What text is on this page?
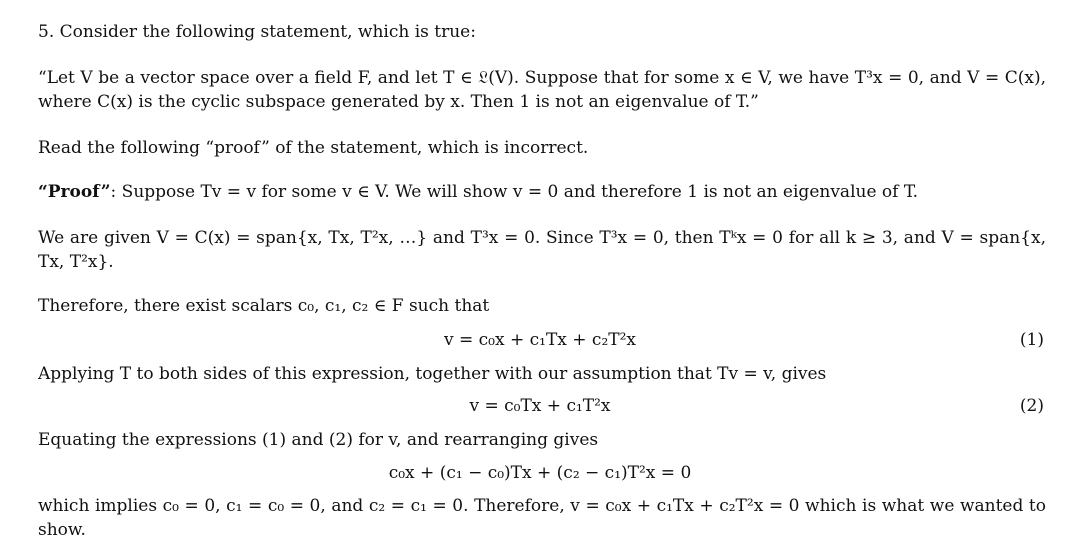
5. Consider the following statement, which is true:
“Let V be a vector space over a field F, and let T ∈ 𝔏(V). Suppose that for some x ∈ V, we have T³x = 0, and V = C(x), where C(x) is the cyclic subspace generated by x. Then 1 is not an eigenvalue of T.”
Read the following “proof” of the statement, which is incorrect.
“Proof”: Suppose Tv = v for some v ∈ V. We will show v = 0 and therefore 1 is not an eigenvalue of T.
We are given V = C(x) = span{x, Tx, T²x, …} and T³x = 0. Since T³x = 0, then Tᵏx = 0 for all k ≥ 3, and V = span{x, Tx, T²x}.
Therefore, there exist scalars c₀, c₁, c₂ ∈ F such that
v = c₀x + c₁Tx + c₂T²x	(1)
Applying T to both sides of this expression, together with our assumption that Tv = v, gives
v = c₀Tx + c₁T²x	(2)
Equating the expressions (1) and (2) for v, and rearranging gives
c₀x + (c₁ − c₀)Tx + (c₂ − c₁)T²x = 0
which implies c₀ = 0, c₁ = c₀ = 0, and c₂ = c₁ = 0. Therefore, v = c₀x + c₁Tx + c₂T²x = 0 which is what we wanted to show.
